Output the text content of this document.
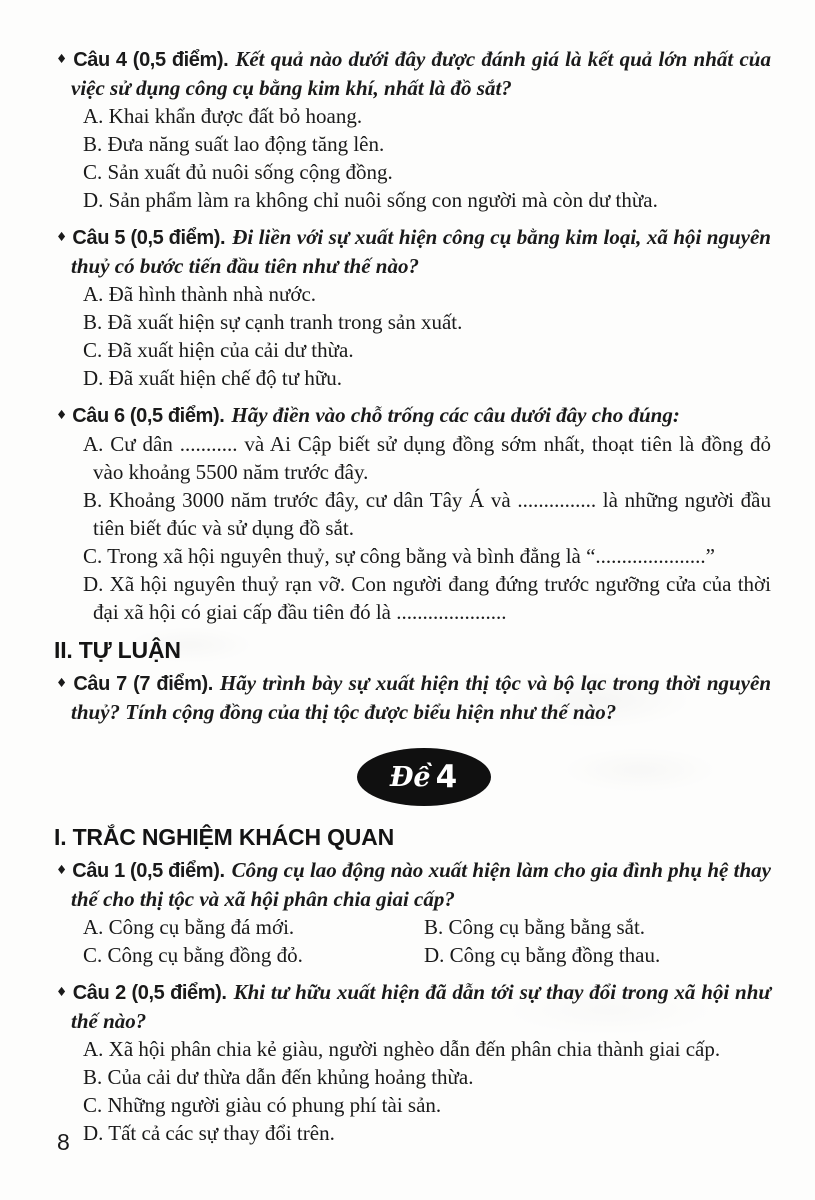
♦ Câu 4 (0,5 điểm). Kết quả nào dưới đây được đánh giá là kết quả lớn nhất của việc sử dụng công cụ bằng kim khí, nhất là đồ sắt?

A. Khai khẩn được đất bỏ hoang.

B. Đưa năng suất lao động tăng lên.

C. Sản xuất đủ nuôi sống cộng đồng.

D. Sản phẩm làm ra không chỉ nuôi sống con người mà còn dư thừa.

♦ Câu 5 (0,5 điểm). Đi liền với sự xuất hiện công cụ bằng kim loại, xã hội nguyên thuỷ có bước tiến đầu tiên như thế nào?

A. Đã hình thành nhà nước.

B. Đã xuất hiện sự cạnh tranh trong sản xuất.

C. Đã xuất hiện của cải dư thừa.

D. Đã xuất hiện chế độ tư hữu.

♦ Câu 6 (0,5 điểm). Hãy điền vào chỗ trống các câu dưới đây cho đúng:

A. Cư dân ........... và Ai Cập biết sử dụng đồng sớm nhất, thoạt tiên là đồng đỏ vào khoảng 5500 năm trước đây.

B. Khoảng 3000 năm trước đây, cư dân Tây Á và ............... là những người đầu tiên biết đúc và sử dụng đồ sắt.

C. Trong xã hội nguyên thuỷ, sự công bằng và bình đẳng là “.....................”

D. Xã hội nguyên thuỷ rạn vỡ. Con người đang đứng trước ngưỡng cửa của thời đại xã hội có giai cấp đầu tiên đó là .....................

II. TỰ LUẬN

♦ Câu 7 (7 điểm). Hãy trình bày sự xuất hiện thị tộc và bộ lạc trong thời nguyên thuỷ? Tính cộng đồng của thị tộc được biểu hiện như thế nào?

Đề 4
I. TRẮC NGHIỆM KHÁCH QUAN

♦ Câu 1 (0,5 điểm). Công cụ lao động nào xuất hiện làm cho gia đình phụ hệ thay thế cho thị tộc và xã hội phân chia giai cấp?

A. Công cụ bằng đá mới.	B. Công cụ bằng bằng sắt.

C. Công cụ bằng đồng đỏ.	D. Công cụ bằng đồng thau.

♦ Câu 2 (0,5 điểm). Khi tư hữu xuất hiện đã dẫn tới sự thay đổi trong xã hội như thế nào?

A. Xã hội phân chia kẻ giàu, người nghèo dẫn đến phân chia thành giai cấp.

B. Của cải dư thừa dẫn đến khủng hoảng thừa.

C. Những người giàu có phung phí tài sản.

D. Tất cả các sự thay đổi trên.

8
